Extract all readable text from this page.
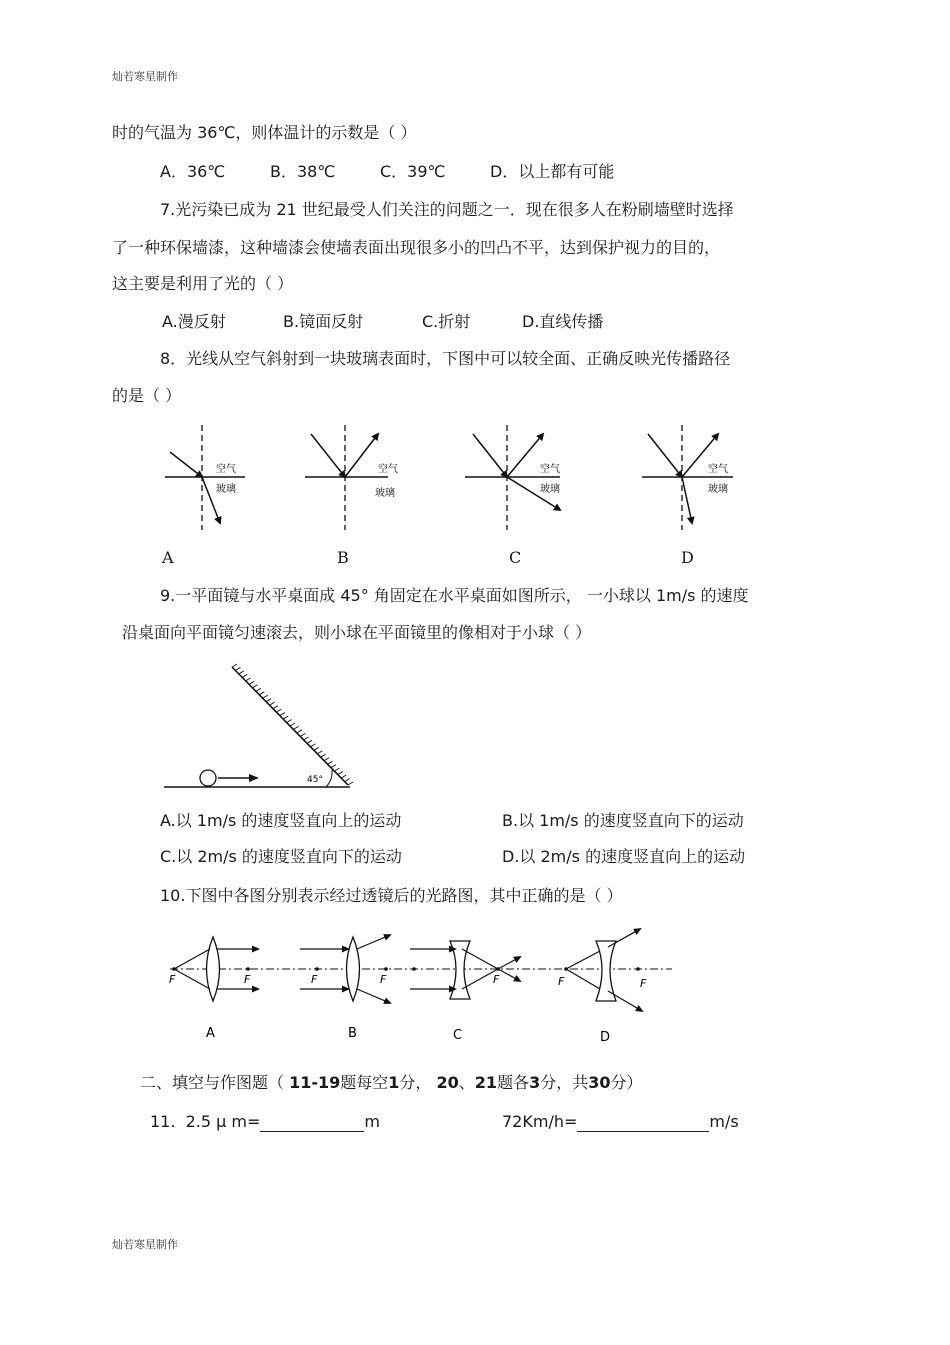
灿若寒星制作
灿若寒星制作
时的气温为 36℃，则体温计的示数是（ ）
A．36℃	B．38℃	C．39℃	D．以上都有可能
7.光污染已成为 21 世纪最受人们关注的问题之一．现在很多人在粉刷墙壁时选择
了一种环保墙漆，这种墙漆会使墙表面出现很多小的凹凸不平，达到保护视力的目的，
这主要是利用了光的（ ）
A.漫反射	B.镜面反射	C.折射	D.直线传播
8．光线从空气斜射到一块玻璃表面时，下图中可以较全面、正确反映光传播路径
的是（ ）
空气
玻璃
空气
玻璃
空气
玻璃
空气
玻璃
A	B	C	D
9.一平面镜与水平桌面成 45° 角固定在水平桌面如图所示， 一小球以 1m/s 的速度
沿桌面向平面镜匀速滚去，则小球在平面镜里的像相对于小球（ ）
45°
A.以 1m/s 的速度竖直向上的运动	B.以 1m/s 的速度竖直向下的运动
C.以 2m/s 的速度竖直向下的运动	D.以 2m/s 的速度竖直向上的运动
10.下图中各图分别表示经过透镜后的光路图，其中正确的是（ ）
F	F	F	F	F	F	F
A	B	C	D
二、填空与作图题（ 11-19题每空1分， 20、21题各3分，共30分）
11. 2.5 μ m=	m	72Km/h=	m/s
